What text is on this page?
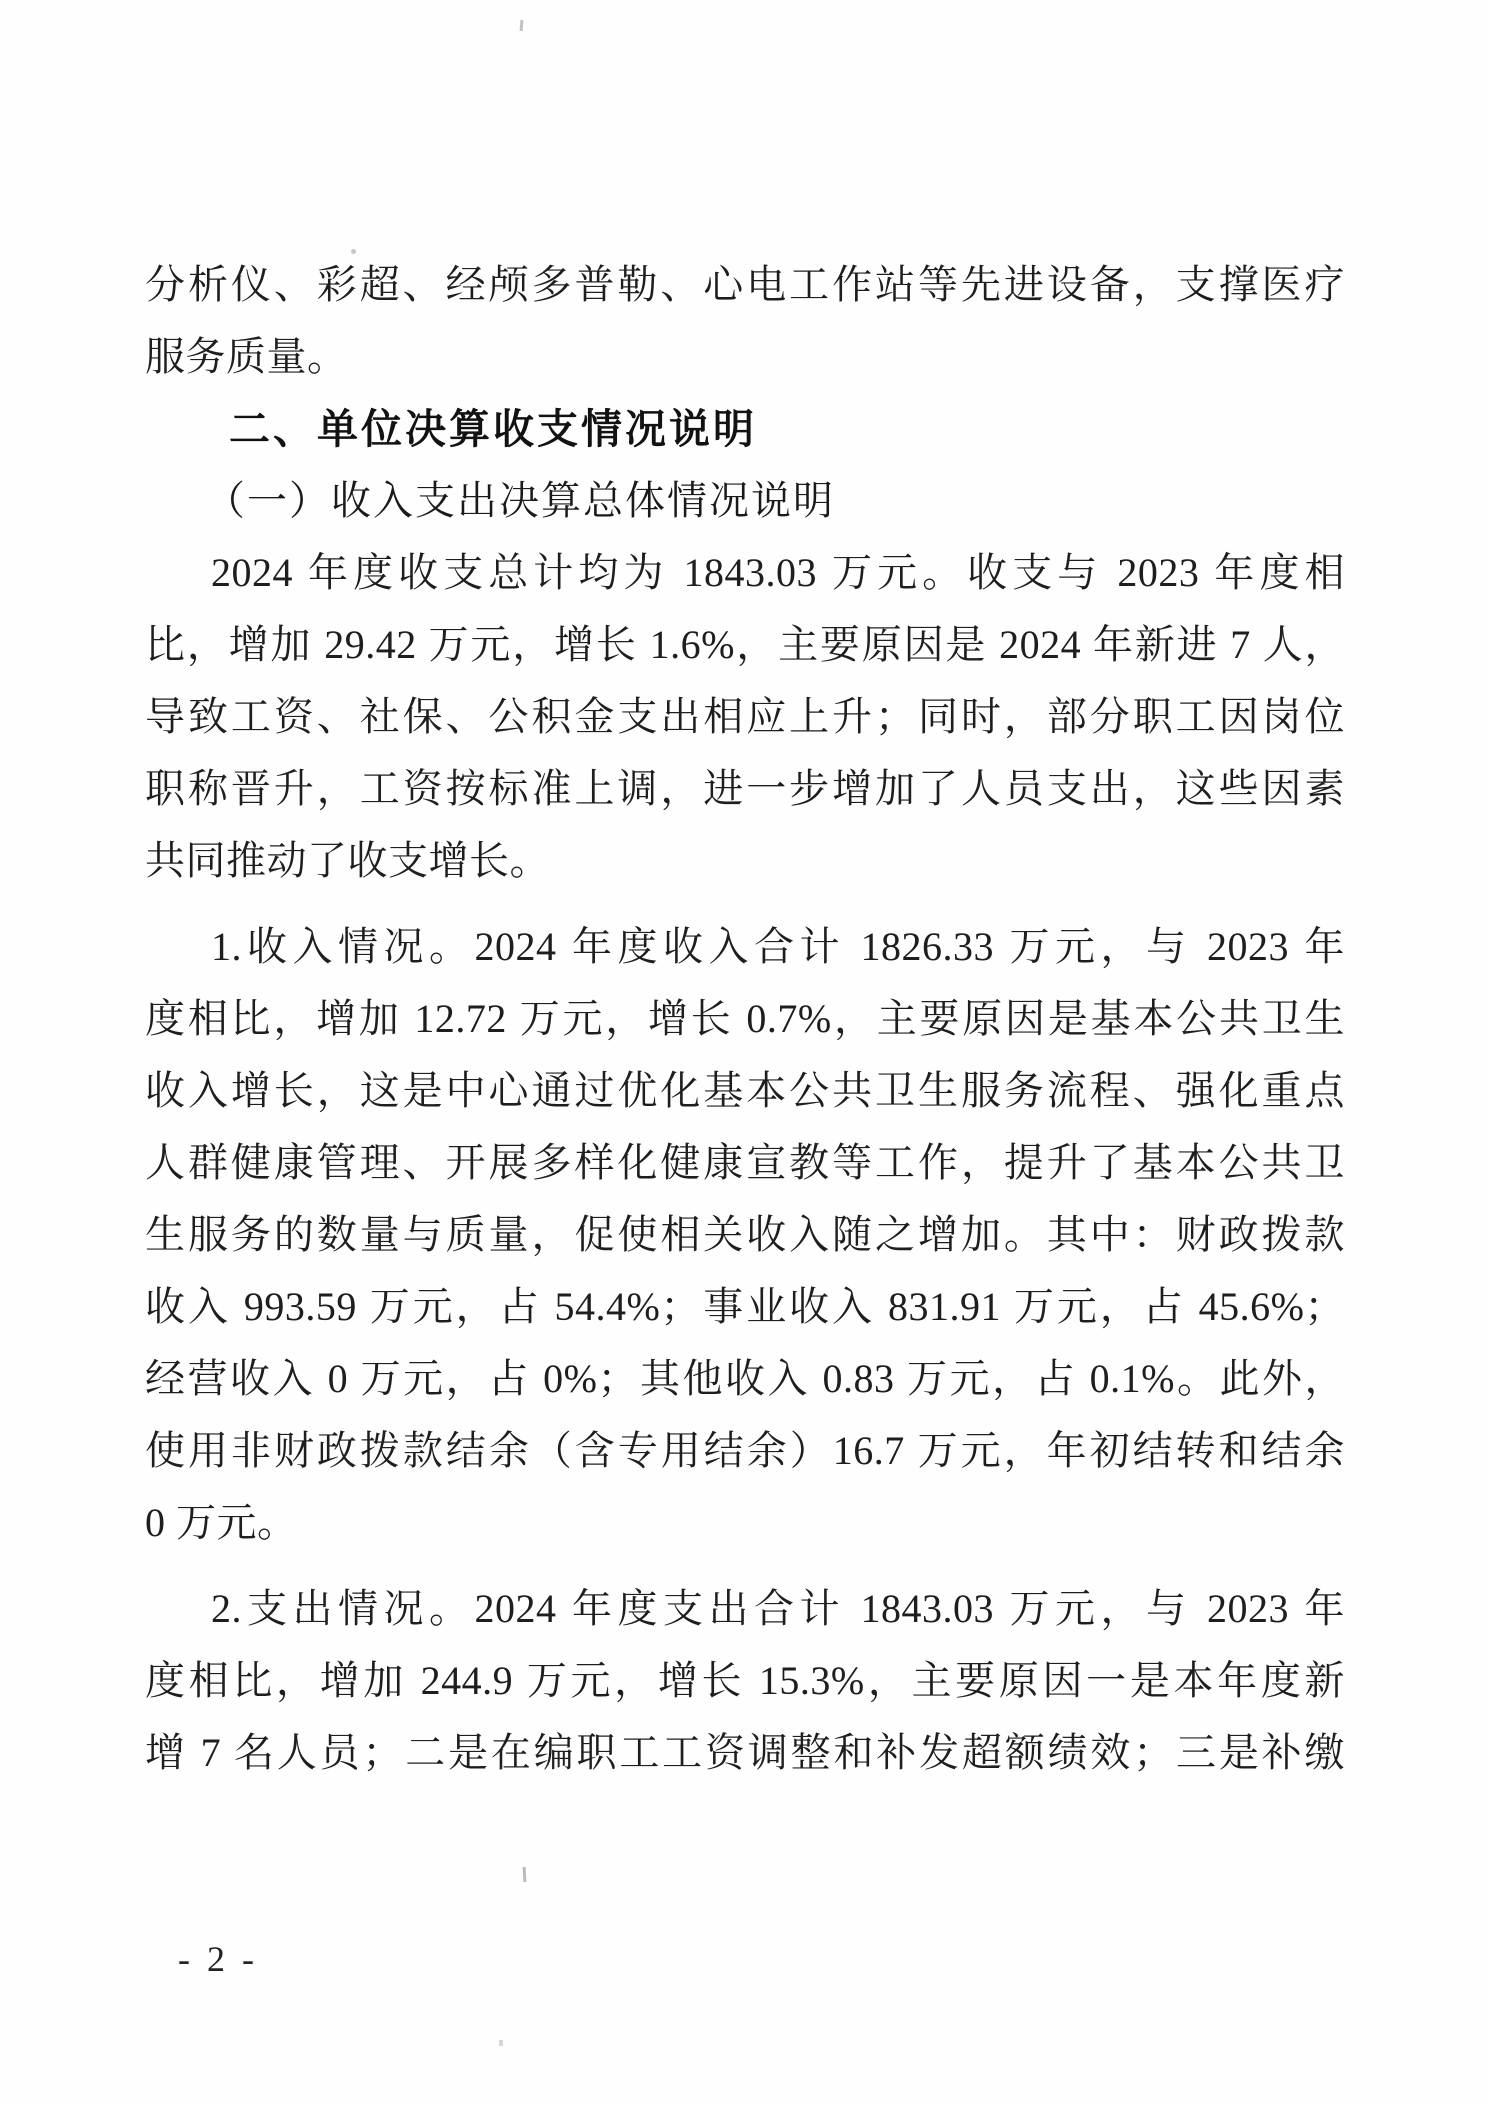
分析仪、彩超、经颅多普勒、心电工作站等先进设备，支撑医疗
服务质量。
二、单位决算收支情况说明
（一）收入支出决算总体情况说明
2024 年度收支总计均为 1843.03 万元。收支与 2023 年度相
比，增加 29.42 万元，增长 1.6%，主要原因是 2024 年新进 7 人，
导致工资、社保、公积金支出相应上升；同时，部分职工因岗位
职称晋升，工资按标准上调，进一步增加了人员支出，这些因素
共同推动了收支增长。
1.收入情况。2024 年度收入合计 1826.33 万元，与 2023 年
度相比，增加 12.72 万元，增长 0.7%，主要原因是基本公共卫生
收入增长，这是中心通过优化基本公共卫生服务流程、强化重点
人群健康管理、开展多样化健康宣教等工作，提升了基本公共卫
生服务的数量与质量，促使相关收入随之增加。其中：财政拨款
收入 993.59 万元，占 54.4%；事业收入 831.91 万元，占 45.6%；
经营收入 0 万元，占 0%；其他收入 0.83 万元，占 0.1%。此外，
使用非财政拨款结余（含专用结余）16.7 万元，年初结转和结余
0 万元。
2.支出情况。2024 年度支出合计 1843.03 万元，与 2023 年
度相比，增加 244.9 万元，增长 15.3%，主要原因一是本年度新
增 7 名人员；二是在编职工工资调整和补发超额绩效；三是补缴
- 2 -
